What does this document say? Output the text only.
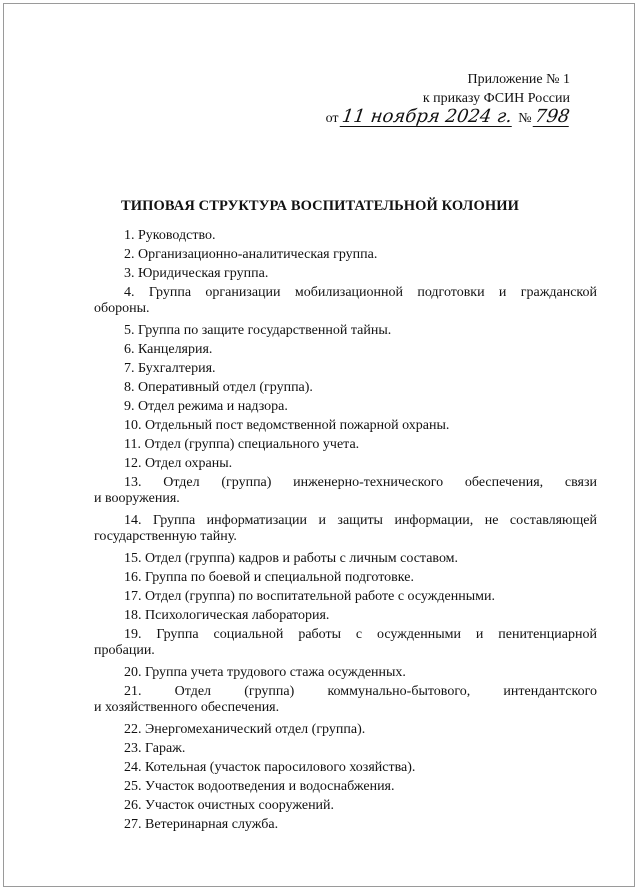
Приложение № 1
к приказу ФСИН России
от 11 ноября 2024 г. № 798
ТИПОВАЯ СТРУКТУРА ВОСПИТАТЕЛЬНОЙ КОЛОНИИ
1. Руководство.
2. Организационно-аналитическая группа.
3. Юридическая группа.
4. Группа организации мобилизационной подготовки и гражданской
обороны.
5. Группа по защите государственной тайны.
6. Канцелярия.
7. Бухгалтерия.
8. Оперативный отдел (группа).
9. Отдел режима и надзора.
10. Отдельный пост ведомственной пожарной охраны.
11. Отдел (группа) специального учета.
12. Отдел охраны.
13. Отдел (группа) инженерно-технического обеспечения, связи
и вооружения.
14. Группа информатизации и защиты информации, не составляющей
государственную тайну.
15. Отдел (группа) кадров и работы с личным составом.
16. Группа по боевой и специальной подготовке.
17. Отдел (группа) по воспитательной работе с осужденными.
18. Психологическая лаборатория.
19. Группа социальной работы с осужденными и пенитенциарной
пробации.
20. Группа учета трудового стажа осужденных.
21. Отдел (группа) коммунально-бытового, интендантского
и хозяйственного обеспечения.
22. Энергомеханический отдел (группа).
23. Гараж.
24. Котельная (участок паросилового хозяйства).
25. Участок водоотведения и водоснабжения.
26. Участок очистных сооружений.
27. Ветеринарная служба.
